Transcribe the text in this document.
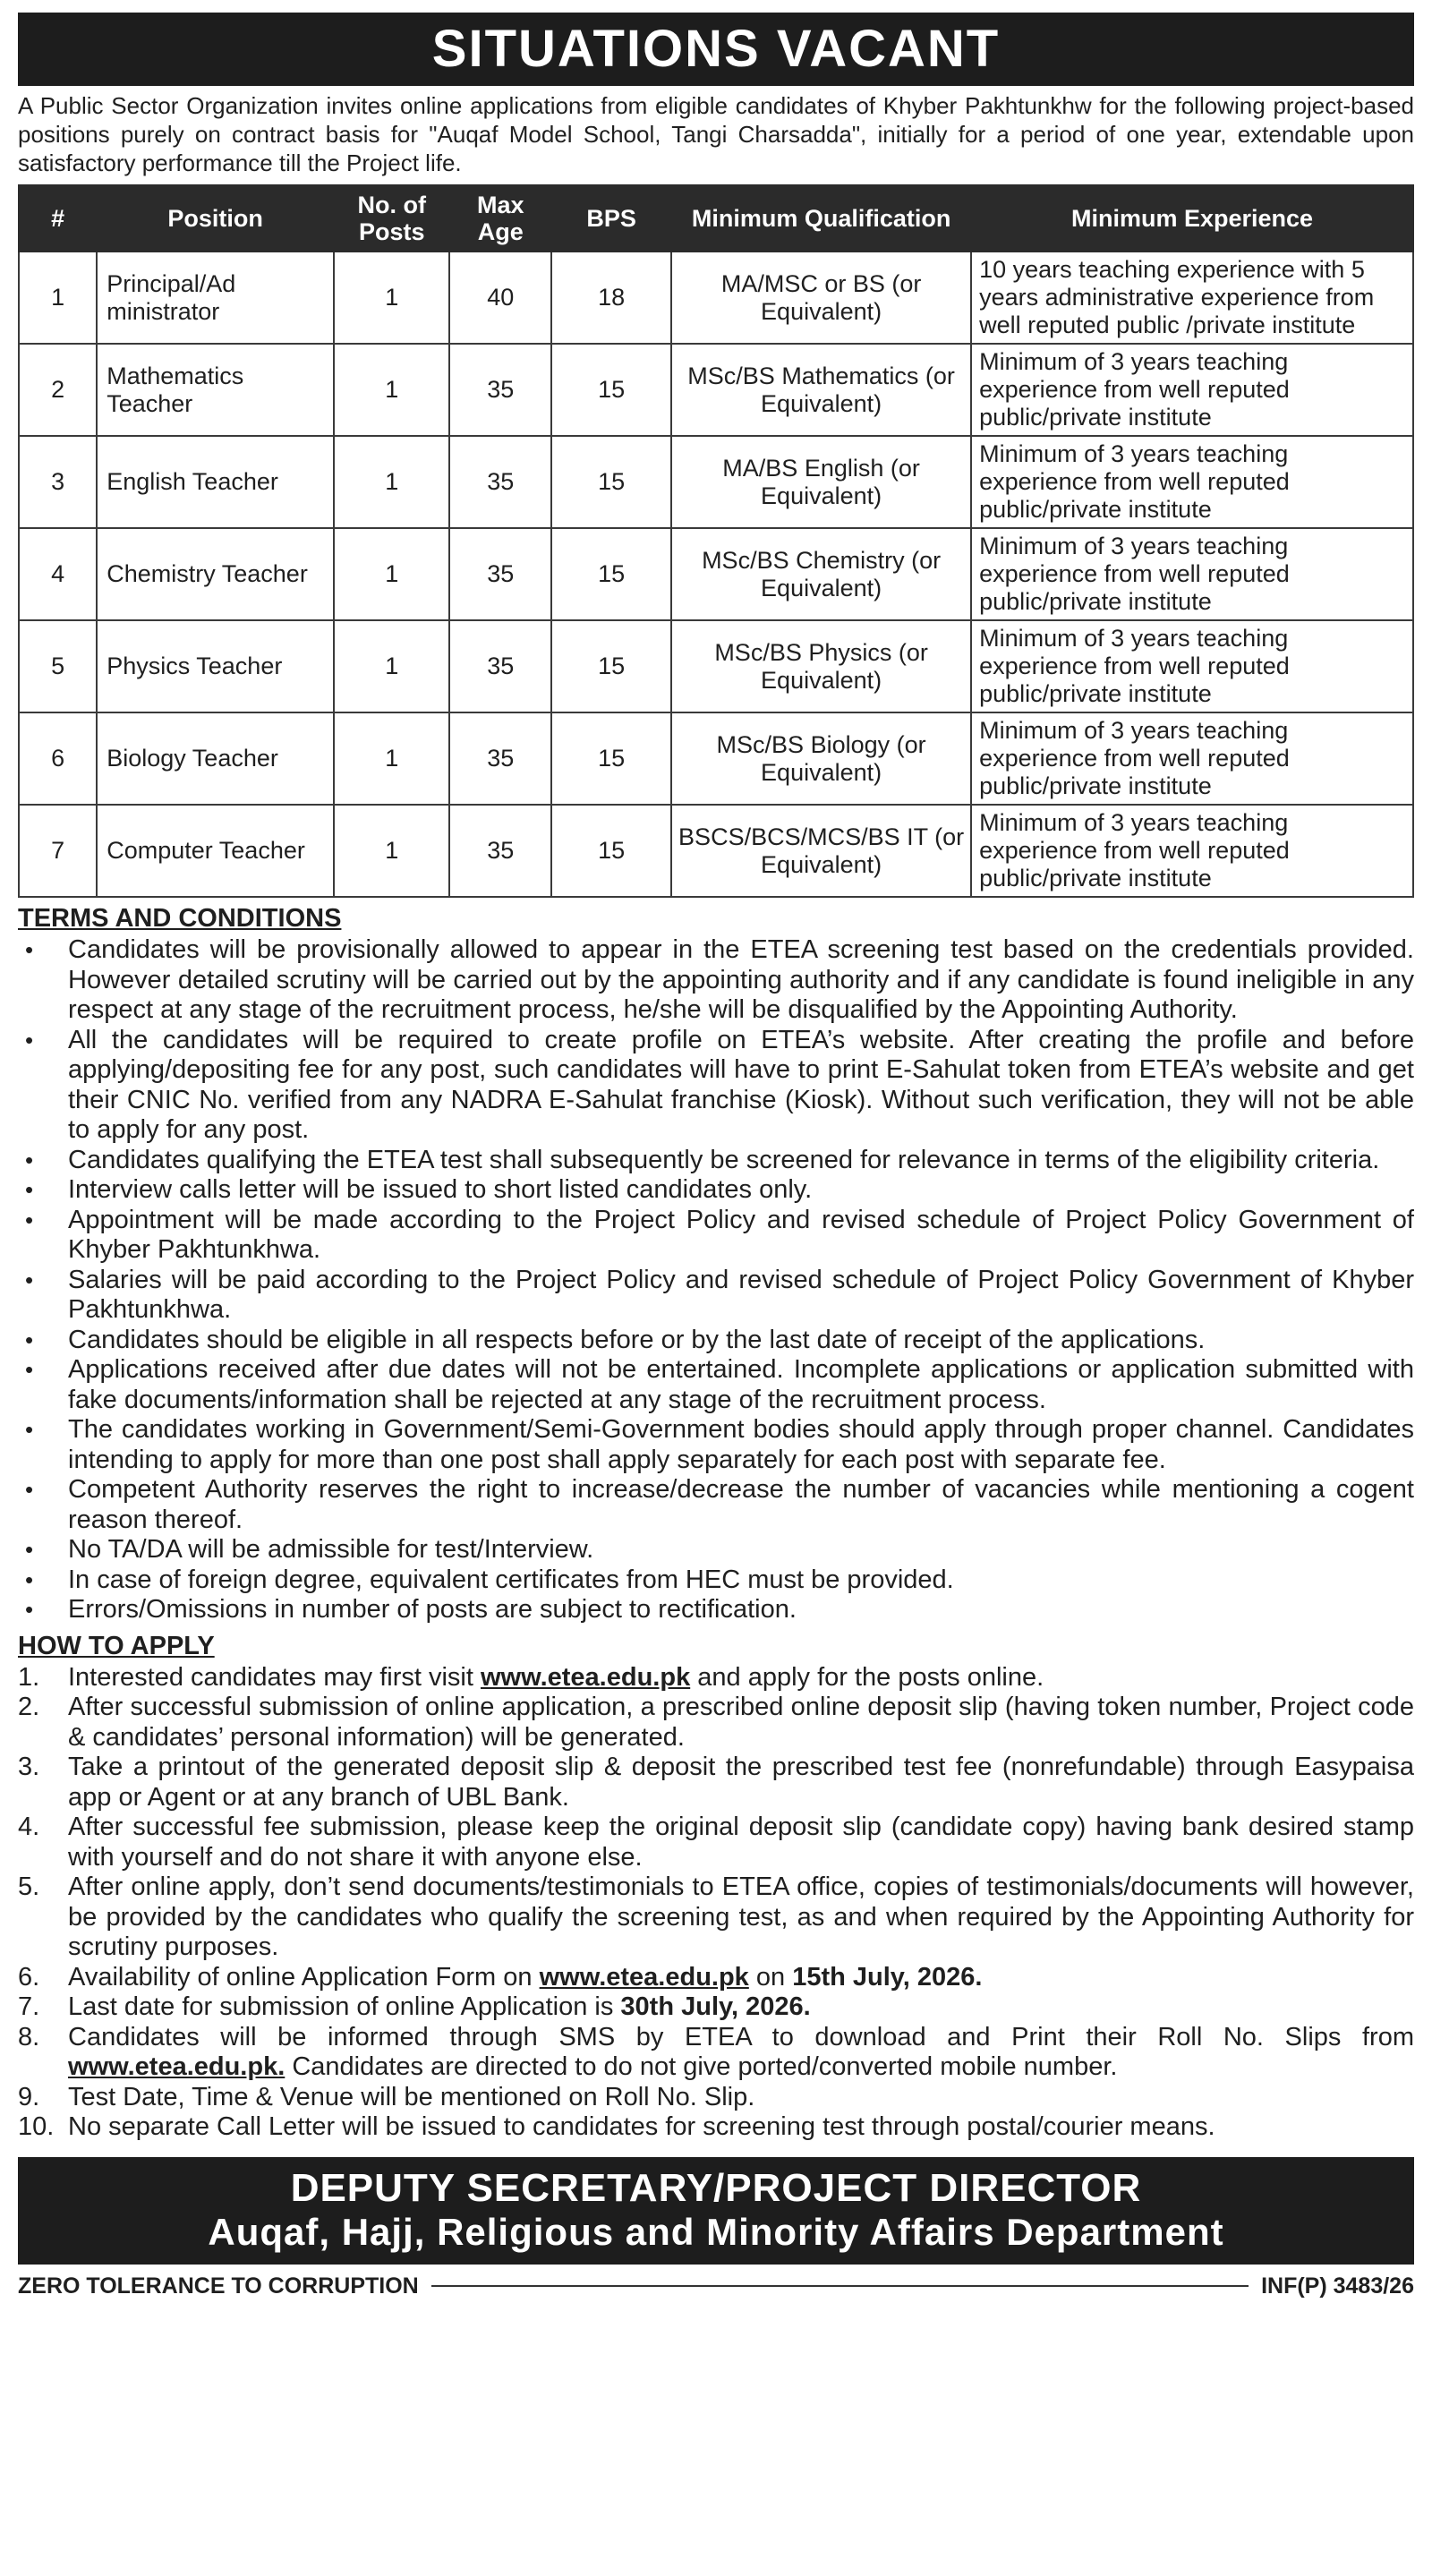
SITUATIONS VACANT

A Public Sector Organization invites online applications from eligible candidates of Khyber Pakhtunkhw for the following project-based positions purely on contract basis for "Auqaf Model School, Tangi Charsadda", initially for a period of one year, extendable upon satisfactory performance till the Project life.

#	Position	No. of Posts	Max Age	BPS	Minimum Qualification	Minimum Experience
1	Principal/Ad ministrator	1	40	18	MA/MSC or BS (or Equivalent)	10 years teaching experience with 5 years administrative experience from well reputed public /private institute
2	Mathematics Teacher	1	35	15	MSc/BS Mathematics (or Equivalent)	Minimum of 3 years teaching experience from well reputed public/private institute
3	English Teacher	1	35	15	MA/BS English (or Equivalent)	Minimum of 3 years teaching experience from well reputed public/private institute
4	Chemistry Teacher	1	35	15	MSc/BS Chemistry (or Equivalent)	Minimum of 3 years teaching experience from well reputed public/private institute
5	Physics Teacher	1	35	15	MSc/BS Physics (or Equivalent)	Minimum of 3 years teaching experience from well reputed public/private institute
6	Biology Teacher	1	35	15	MSc/BS Biology (or Equivalent)	Minimum of 3 years teaching experience from well reputed public/private institute
7	Computer Teacher	1	35	15	BSCS/BCS/MCS/BS IT (or Equivalent)	Minimum of 3 years teaching experience from well reputed public/private institute
TERMS AND CONDITIONS
• Candidates will be provisionally allowed to appear in the ETEA screening test based on the credentials provided. However detailed scrutiny will be carried out by the appointing authority and if any candidate is found ineligible in any respect at any stage of the recruitment process, he/she will be disqualified by the Appointing Authority.
• All the candidates will be required to create profile on ETEA’s website. After creating the profile and before applying/depositing fee for any post, such candidates will have to print E-Sahulat token from ETEA’s website and get their CNIC No. verified from any NADRA E-Sahulat franchise (Kiosk). Without such verification, they will not be able to apply for any post.
• Candidates qualifying the ETEA test shall subsequently be screened for relevance in terms of the eligibility criteria.
• Interview calls letter will be issued to short listed candidates only.
• Appointment will be made according to the Project Policy and revised schedule of Project Policy Government of Khyber Pakhtunkhwa.
• Salaries will be paid according to the Project Policy and revised schedule of Project Policy Government of Khyber Pakhtunkhwa.
• Candidates should be eligible in all respects before or by the last date of receipt of the applications.
• Applications received after due dates will not be entertained. Incomplete applications or application submitted with fake documents/information shall be rejected at any stage of the recruitment process.
• The candidates working in Government/Semi-Government bodies should apply through proper channel. Candidates intending to apply for more than one post shall apply separately for each post with separate fee.
• Competent Authority reserves the right to increase/decrease the number of vacancies while mentioning a cogent reason thereof.
• No TA/DA will be admissible for test/Interview.
• In case of foreign degree, equivalent certificates from HEC must be provided.
• Errors/Omissions in number of posts are subject to rectification.
HOW TO APPLY
1. Interested candidates may first visit www.etea.edu.pk and apply for the posts online.
2. After successful submission of online application, a prescribed online deposit slip (having token number, Project code & candidates’ personal information) will be generated.
3. Take a printout of the generated deposit slip & deposit the prescribed test fee (nonrefundable) through Easypaisa app or Agent or at any branch of UBL Bank.
4. After successful fee submission, please keep the original deposit slip (candidate copy) having bank desired stamp with yourself and do not share it with anyone else.
5. After online apply, don’t send documents/testimonials to ETEA office, copies of testimonials/documents will however, be provided by the candidates who qualify the screening test, as and when required by the Appointing Authority for scrutiny purposes.
6. Availability of online Application Form on www.etea.edu.pk on 15th July, 2026.
7. Last date for submission of online Application is 30th July, 2026.
8. Candidates will be informed through SMS by ETEA to download and Print their Roll No. Slips from www.etea.edu.pk. Candidates are directed to do not give ported/converted mobile number.
9. Test Date, Time & Venue will be mentioned on Roll No. Slip.
10. No separate Call Letter will be issued to candidates for screening test through postal/courier means.
DEPUTY SECRETARY/PROJECT DIRECTOR
Auqaf, Hajj, Religious and Minority Affairs Department
ZERO TOLERANCE TO CORRUPTION	INF(P) 3483/26
